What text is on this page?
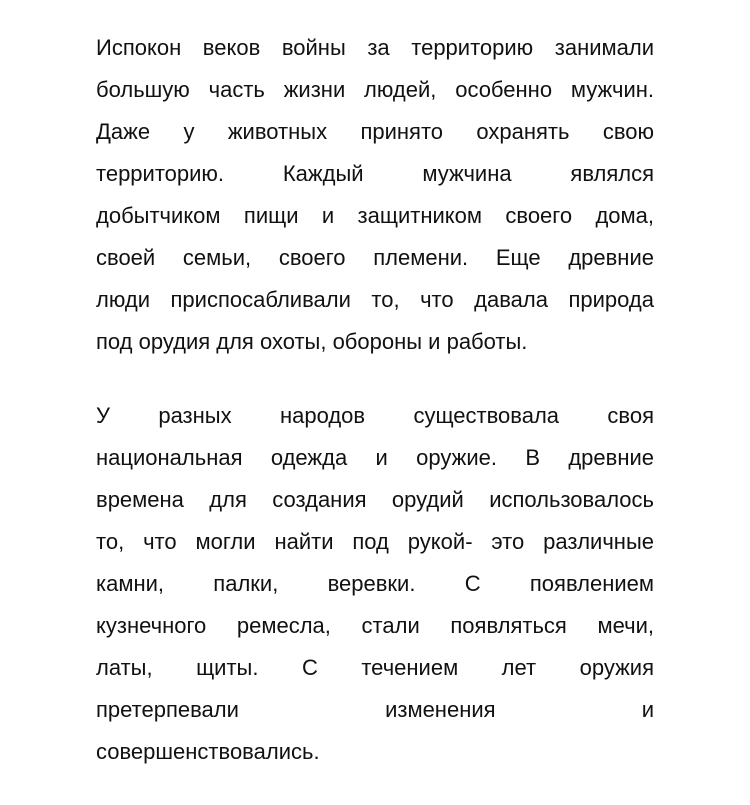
Испокон веков войны за территорию занимали
большую часть жизни людей, особенно мужчин.
Даже у животных принято охранять свою
территорию. Каждый мужчина являлся
добытчиком пищи и защитником своего дома,
своей семьи, своего племени. Еще древние
люди приспосабливали то, что давала природа
под орудия для охоты, обороны и работы.
У разных народов существовала своя
национальная одежда и оружие. В древние
времена для создания орудий использовалось
то, что могли найти под рукой- это различные
камни, палки, веревки. С появлением
кузнечного ремесла, стали появляться мечи,
латы, щиты. С течением лет оружия
претерпевали изменения и
совершенствовались.
